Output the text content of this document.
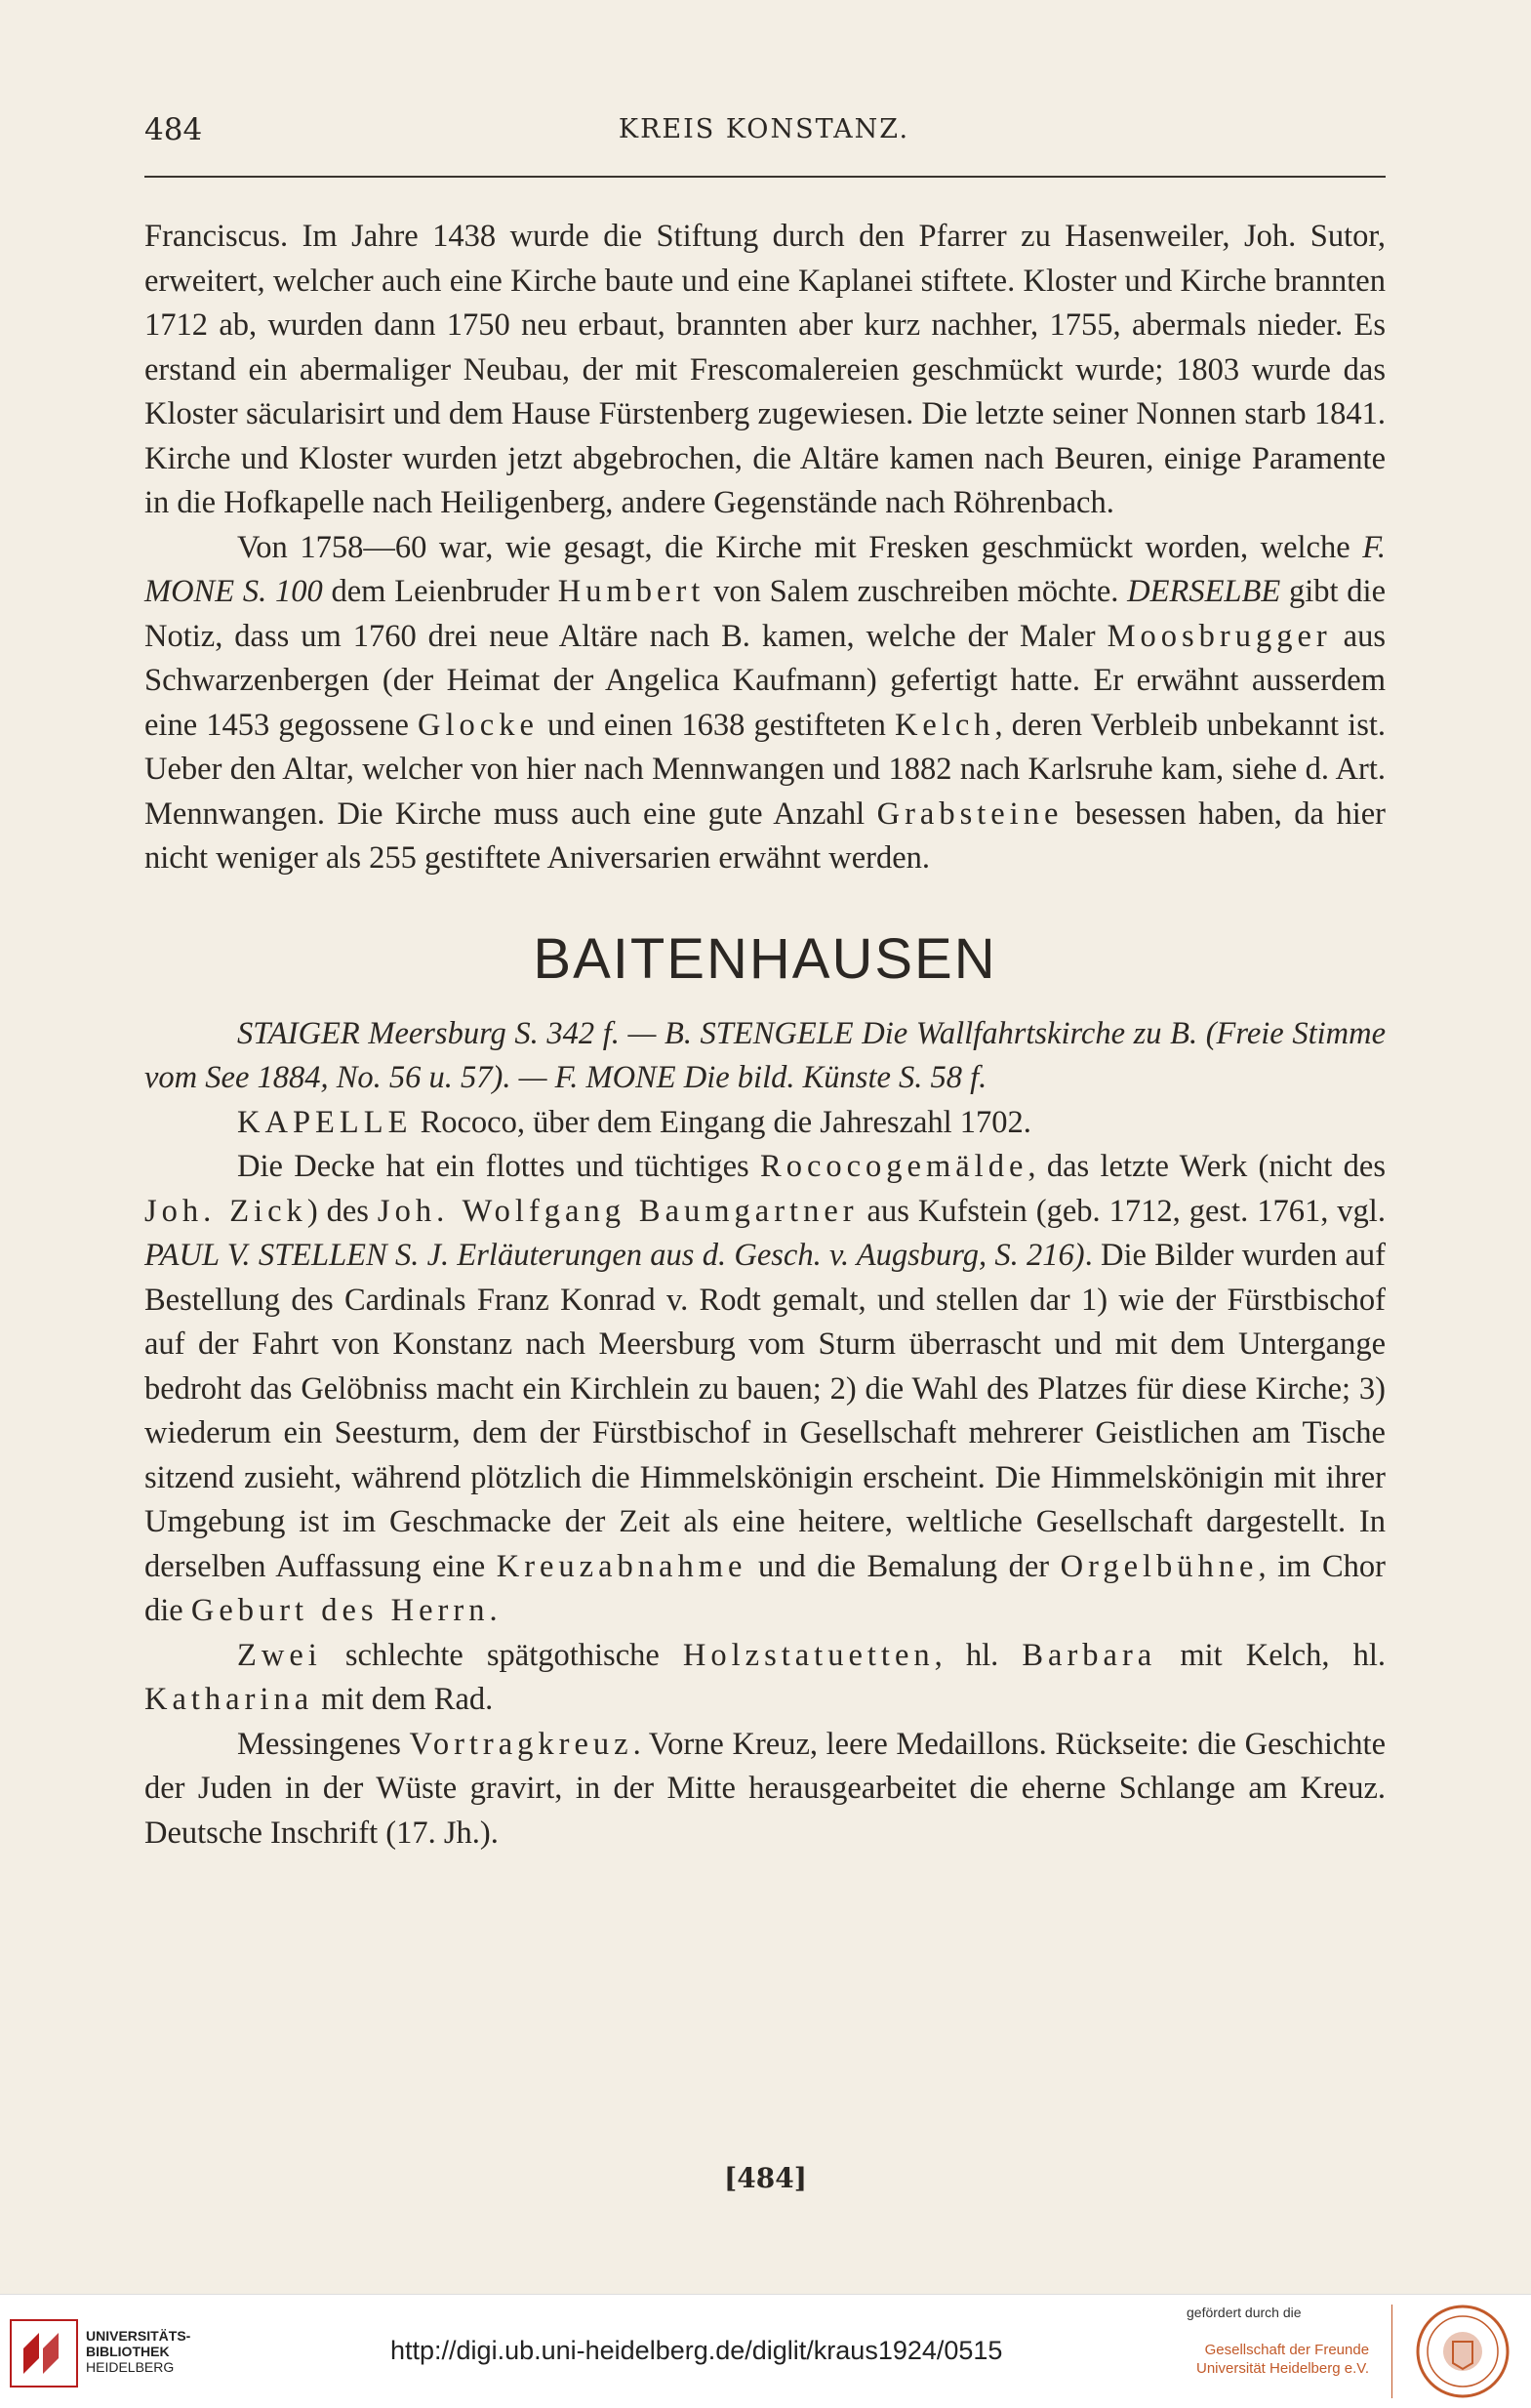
484	KREIS KONSTANZ.

Franciscus. Im Jahre 1438 wurde die Stiftung durch den Pfarrer zu Hasenweiler, Joh. Sutor, erweitert, welcher auch eine Kirche baute und eine Kaplanei stiftete. Kloster und Kirche brannten 1712 ab, wurden dann 1750 neu erbaut, brannten aber kurz nachher, 1755, abermals nieder. Es erstand ein abermaliger Neubau, der mit Frescomalereien geschmückt wurde; 1803 wurde das Kloster säcularisirt und dem Hause Fürstenberg zugewiesen. Die letzte seiner Nonnen starb 1841. Kirche und Kloster wurden jetzt abgebrochen, die Altäre kamen nach Beuren, einige Paramente in die Hofkapelle nach Heiligenberg, andere Gegenstände nach Röhrenbach.

Von 1758—60 war, wie gesagt, die Kirche mit Fresken geschmückt worden, welche F. MONE S. 100 dem Leienbruder Humbert von Salem zuschreiben möchte. DERSELBE gibt die Notiz, dass um 1760 drei neue Altäre nach B. kamen, welche der Maler Moosbrugger aus Schwarzenbergen (der Heimat der Angelica Kaufmann) gefertigt hatte. Er erwähnt ausserdem eine 1453 gegossene Glocke und einen 1638 gestifteten Kelch, deren Verbleib unbekannt ist. Ueber den Altar, welcher von hier nach Mennwangen und 1882 nach Karlsruhe kam, siehe d. Art. Mennwangen. Die Kirche muss auch eine gute Anzahl Grabsteine besessen haben, da hier nicht weniger als 255 gestiftete Aniversarien erwähnt werden.

BAITENHAUSEN

STAIGER Meersburg S. 342 f. — B. STENGELE Die Wallfahrtskirche zu B. (Freie Stimme vom See 1884, No. 56 u. 57). — F. MONE Die bild. Künste S. 58 f.

KAPELLE Rococo, über dem Eingang die Jahreszahl 1702.

Die Decke hat ein flottes und tüchtiges Rococogemälde, das letzte Werk (nicht des Joh. Zick) des Joh. Wolfgang Baumgartner aus Kufstein (geb. 1712, gest. 1761, vgl. PAUL V. STELLEN S. J. Erläuterungen aus d. Gesch. v. Augsburg, S. 216). Die Bilder wurden auf Bestellung des Cardinals Franz Konrad v. Rodt gemalt, und stellen dar 1) wie der Fürstbischof auf der Fahrt von Konstanz nach Meersburg vom Sturm überrascht und mit dem Untergange bedroht das Gelöbniss macht ein Kirchlein zu bauen; 2) die Wahl des Platzes für diese Kirche; 3) wiederum ein Seesturm, dem der Fürstbischof in Gesellschaft mehrerer Geistlichen am Tische sitzend zusieht, während plötzlich die Himmelskönigin erscheint. Die Himmelskönigin mit ihrer Umgebung ist im Geschmacke der Zeit als eine heitere, weltliche Gesellschaft dargestellt. In derselben Auffassung eine Kreuzabnahme und die Bemalung der Orgelbühne, im Chor die Geburt des Herrn.

Zwei schlechte spätgothische Holzstatuetten, hl. Barbara mit Kelch, hl. Katharina mit dem Rad.

Messingenes Vortragkreuz. Vorne Kreuz, leere Medaillons. Rückseite: die Geschichte der Juden in der Wüste gravirt, in der Mitte herausgearbeitet die eherne Schlange am Kreuz. Deutsche Inschrift (17. Jh.).

[484]
UNIVERSITÄTS-
BIBLIOTHEK
HEIDELBERG
http://digi.ub.uni-heidelberg.de/diglit/kraus1924/0515
gefördert durch die
Gesellschaft der Freunde
Universität Heidelberg e.V.
